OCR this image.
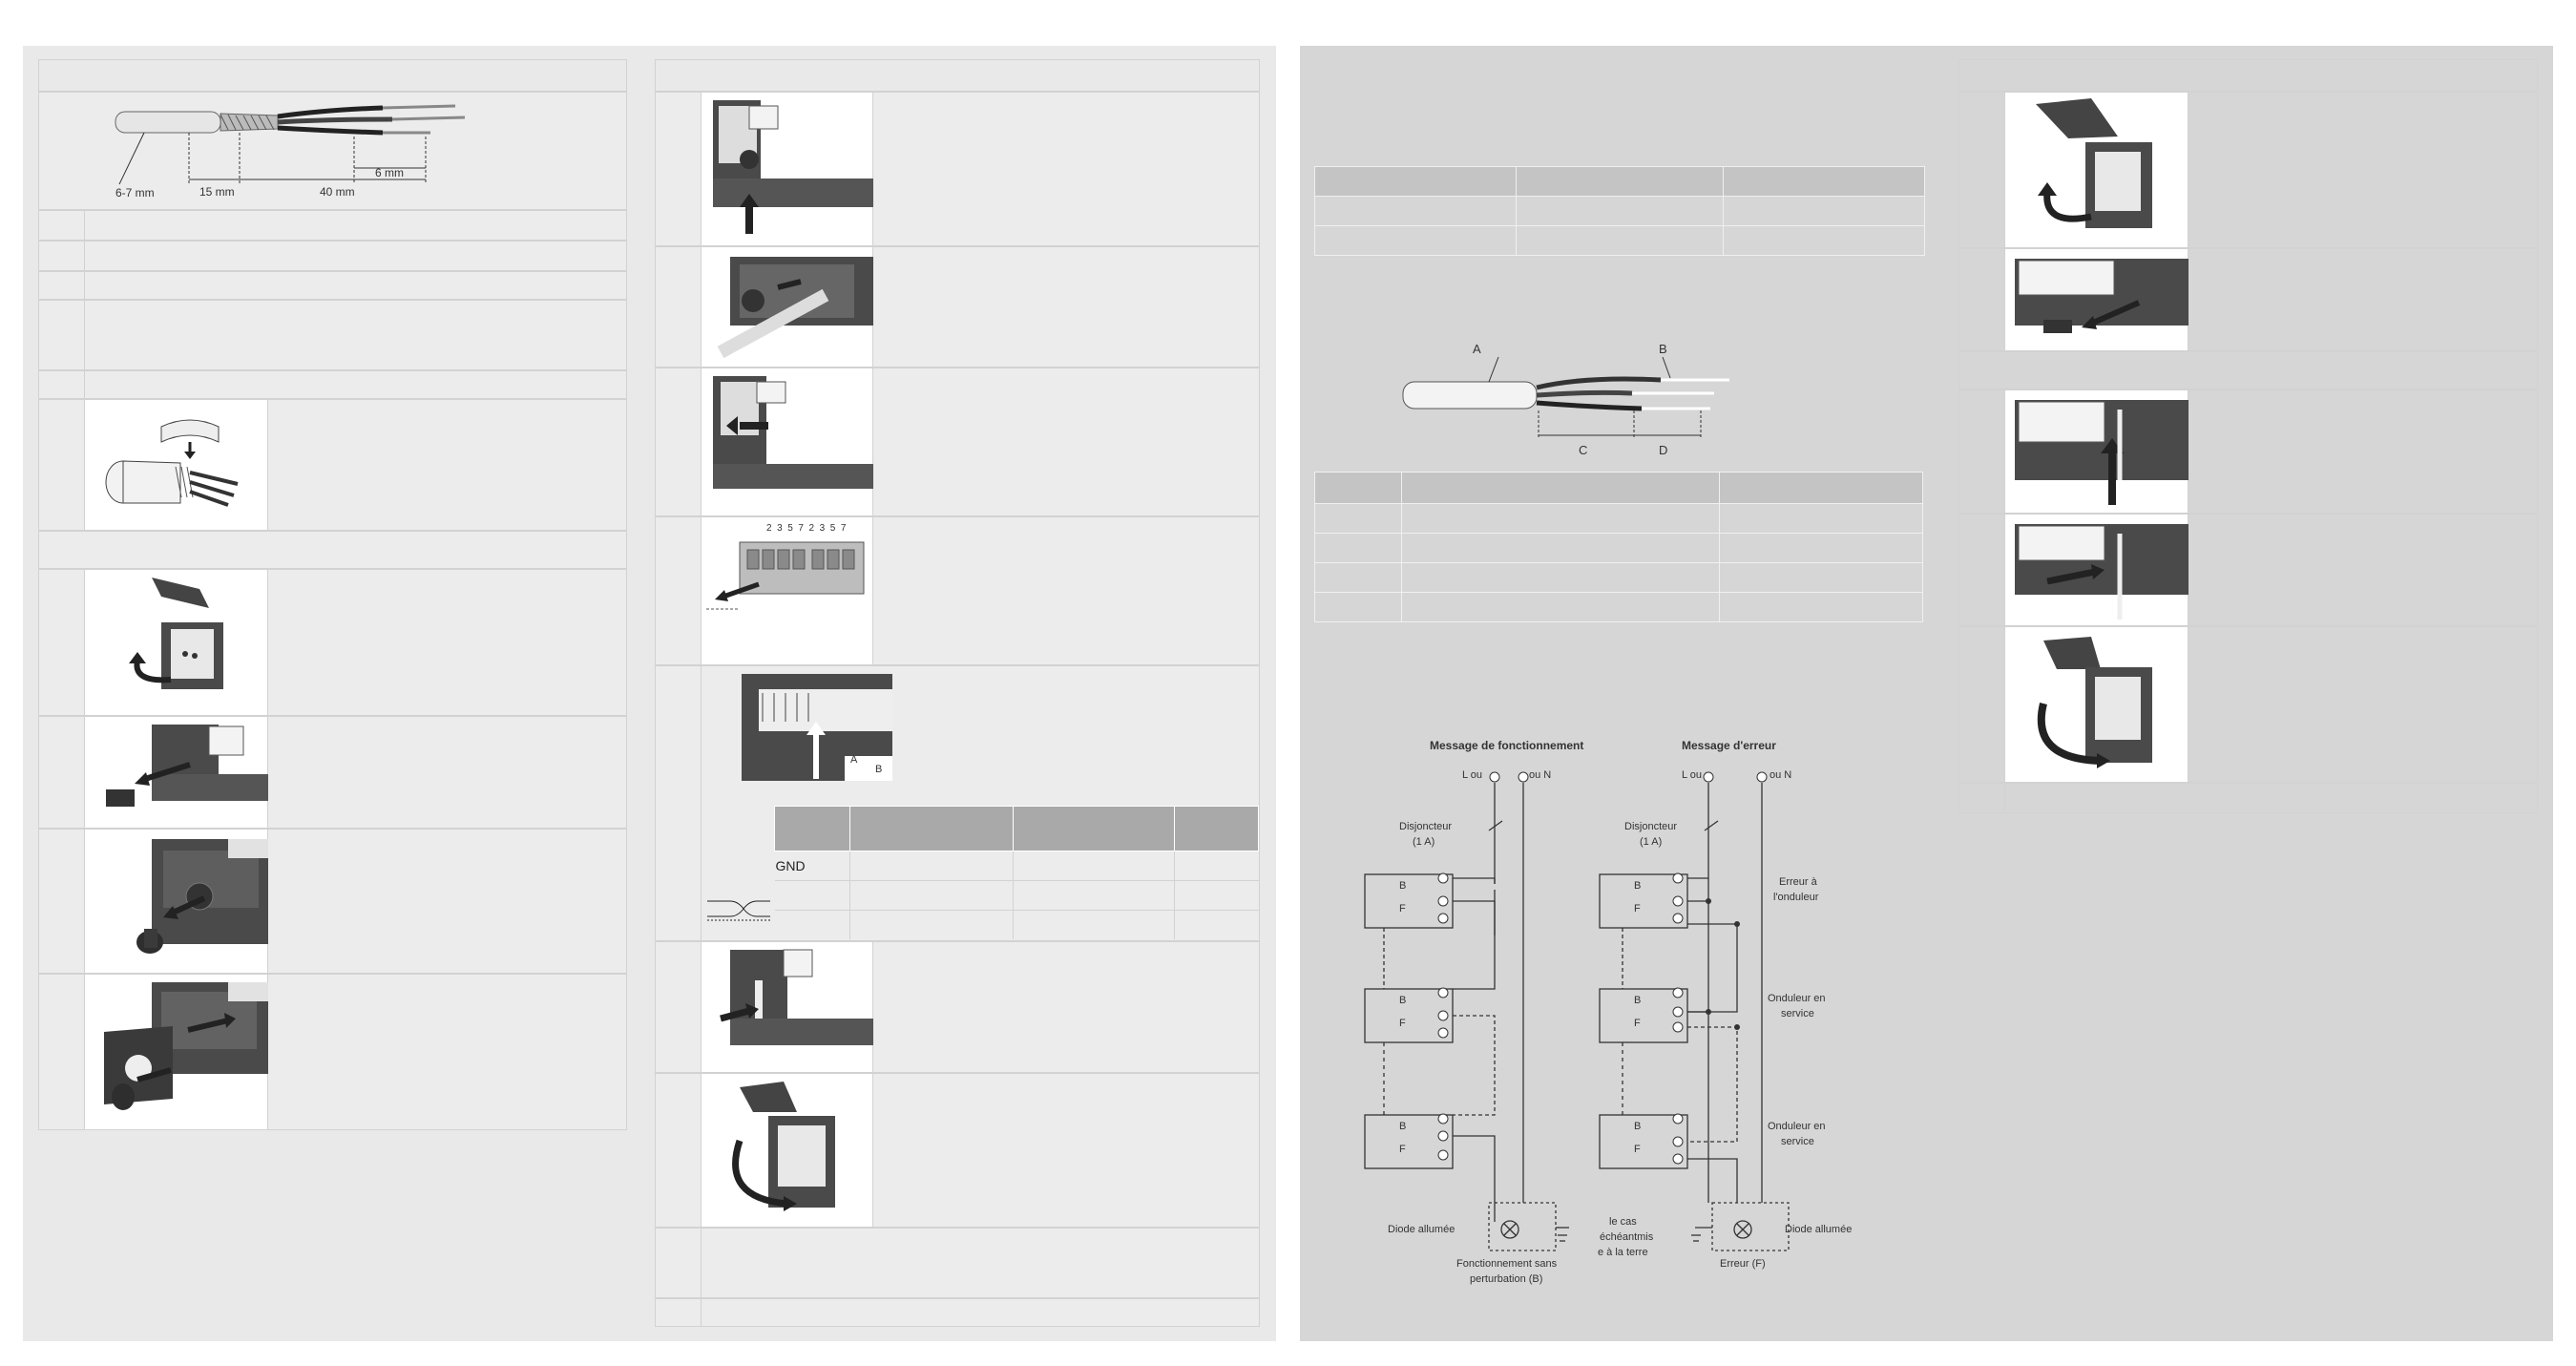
6-7 mm	15 mm	40 mm
6 mm
2  3  5  7  2  3  5  7
A
B

GND			

A	B
C	D

Message de fonctionnement	Message d'erreur
L ou	ou N	L ou	ou N
Disjoncteur
(1 A)
Disjoncteur
(1 A)
B
F
B
F
B
F
B
F
B
F
B
F
Erreur à
l'onduleur
Onduleur en
service
Onduleur en
service
Diode allumée	Diode allumée
le cas
échéantmis
e à la terre
Fonctionnement sans
perturbation (B)
Erreur (F)
